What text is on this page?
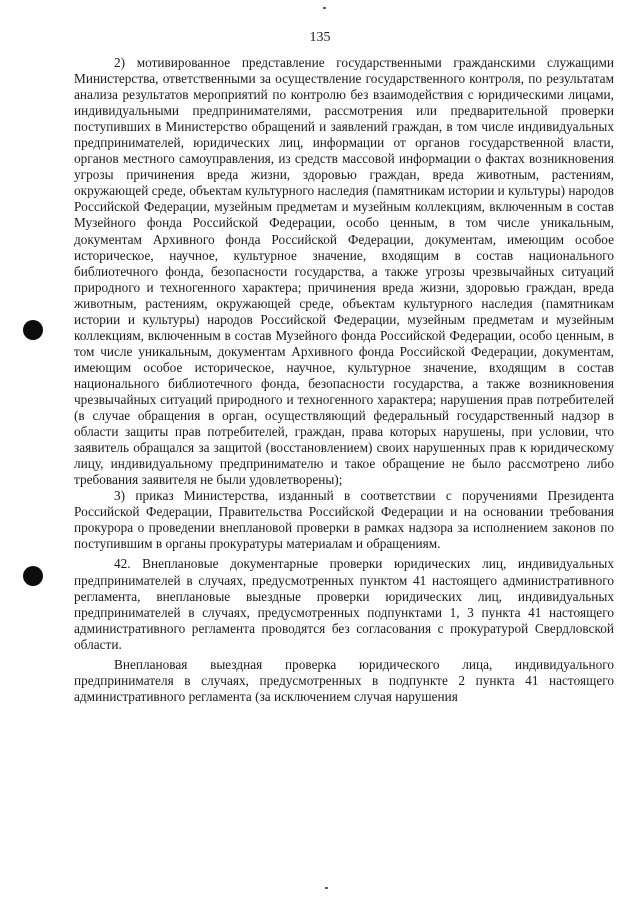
135

2) мотивированное представление государственными гражданскими служащими Министерства, ответственными за осуществление государственного контроля, по результатам анализа результатов мероприятий по контролю без взаимодействия с юридическими лицами, индивидуальными предпринимателями, рассмотрения или предварительной проверки поступивших в Министерство обращений и заявлений граждан, в том числе индивидуальных предпринимателей, юридических лиц, информации от органов государственной власти, органов местного самоуправления, из средств массовой информации о фактах возникновения угрозы причинения вреда жизни, здоровью граждан, вреда животным, растениям, окружающей среде, объектам культурного наследия (памятникам истории и культуры) народов Российской Федерации, музейным предметам и музейным коллекциям, включенным в состав Музейного фонда Российской Федерации, особо ценным, в том числе уникальным, документам Архивного фонда Российской Федерации, документам, имеющим особое историческое, научное, культурное значение, входящим в состав национального библиотечного фонда, безопасности государства, а также угрозы чрезвычайных ситуаций природного и техногенного характера; причинения вреда жизни, здоровью граждан, вреда животным, растениям, окружающей среде, объектам культурного наследия (памятникам истории и культуры) народов Российской Федерации, музейным предметам и музейным коллекциям, включенным в состав Музейного фонда Российской Федерации, особо ценным, в том числе уникальным, документам Архивного фонда Российской Федерации, документам, имеющим особое историческое, научное, культурное значение, входящим в состав национального библиотечного фонда, безопасности государства, а также возникновения чрезвычайных ситуаций природного и техногенного характера; нарушения прав потребителей (в случае обращения в орган, осуществляющий федеральный государственный надзор в области защиты прав потребителей, граждан, права которых нарушены, при условии, что заявитель обращался за защитой (восстановлением) своих нарушенных прав к юридическому лицу, индивидуальному предпринимателю и такое обращение не было рассмотрено либо требования заявителя не были удовлетворены);

3) приказ Министерства, изданный в соответствии с поручениями Президента Российской Федерации, Правительства Российской Федерации и на основании требования прокурора о проведении внеплановой проверки в рамках надзора за исполнением законов по поступившим в органы прокуратуры материалам и обращениям.

42. Внеплановые документарные проверки юридических лиц, индивидуальных предпринимателей в случаях, предусмотренных пунктом 41 настоящего административного регламента, внеплановые выездные проверки юридических лиц, индивидуальных предпринимателей в случаях, предусмотренных подпунктами 1, 3 пункта 41 настоящего административного регламента проводятся без согласования с прокуратурой Свердловской области.

Внеплановая выездная проверка юридического лица, индивидуального предпринимателя в случаях, предусмотренных в подпункте 2 пункта 41 настоящего административного регламента (за исключением случая нарушения
